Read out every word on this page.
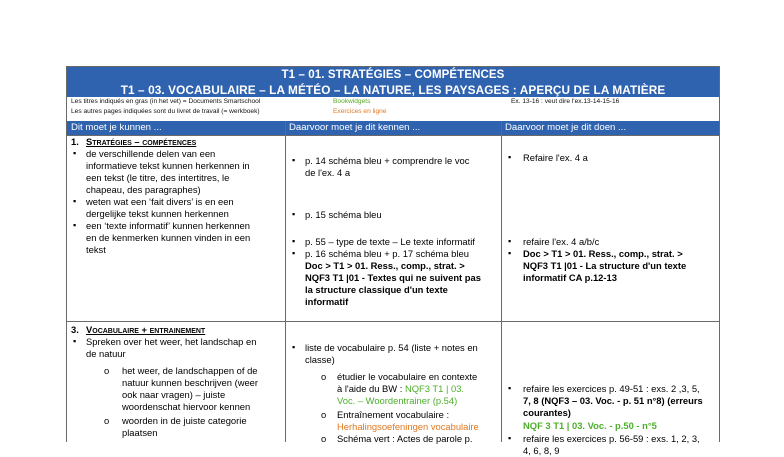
T1 – 01. STRATÉGIES – COMPÉTENCES
T1 – 03. VOCABULAIRE – LA MÉTÉO – LA NATURE, LES PAYSAGES : APERÇU DE LA MATIÈRE
Les titres indiqués en gras (in het vet) = Documents Smartschool
Les autres pages indiquées sont du livret de travail (= werkboek)
Bookwidgets
Exercices en ligne
Ex. 13-16 : veut dire l'ex.13-14-15-16
Dit moet je kunnen ...	Daarvoor moet je dit kennen ...	Daarvoor moet je dit doen ...
1. Stratégies – compétences
▪ de verschillende delen van een
informatieve tekst kunnen herkennen in
een tekst (le titre, des intertitres, le
chapeau, des paragraphes)
▪ weten wat een ‘fait divers’ is en een
dergelijke tekst kunnen herkennen
▪ een ‘texte informatif’ kunnen herkennen
en de kenmerken kunnen vinden in een
tekst
▪ p. 14 schéma bleu + comprendre le voc
de l'ex. 4 a
▪ p. 15 schéma bleu
▪ p. 55 – type de texte – Le texte informatif
▪ p. 16 schéma bleu + p. 17 schéma bleu
Doc > T1 > 01. Ress., comp., strat. >
NQF3 T1 |01 - Textes qui ne suivent pas
la structure classique d'un texte
informatif
▪ Refaire l'ex. 4 a
▪ refaire l'ex. 4 a/b/c
▪ Doc > T1 > 01. Ress., comp., strat. >
NQF3 T1 |01 - La structure d'un texte
informatif CA p.12-13
3. Vocabulaire + entrainement
▪ Spreken over het weer, het landschap en
de natuur
o het weer, de landschappen of de
natuur kunnen beschrijven (weer
ook naar vragen) – juiste
woordenschat hiervoor kennen
o woorden in de juiste categorie
plaatsen
▪ liste de vocabulaire p. 54 (liste + notes en
classe)
o étudier le vocabulaire en contexte
à l'aide du BW : NQF3 T1 | 03.
Voc. – Woordentrainer (p.54)
o Entraînement vocabulaire :
Herhalingsoefeningen vocabulaire
o Schéma vert : Actes de parole p.
▪ refaire les exercices p. 49-51 : exs. 2 ,3, 5,
7, 8 (NQF3 – 03. Voc. - p. 51 n°8) (erreurs
courantes)
NQF 3 T1 | 03. Voc. - p.50 - n°5
▪ refaire les exercices p. 56-59 : exs. 1, 2, 3,
4, 6, 8, 9
